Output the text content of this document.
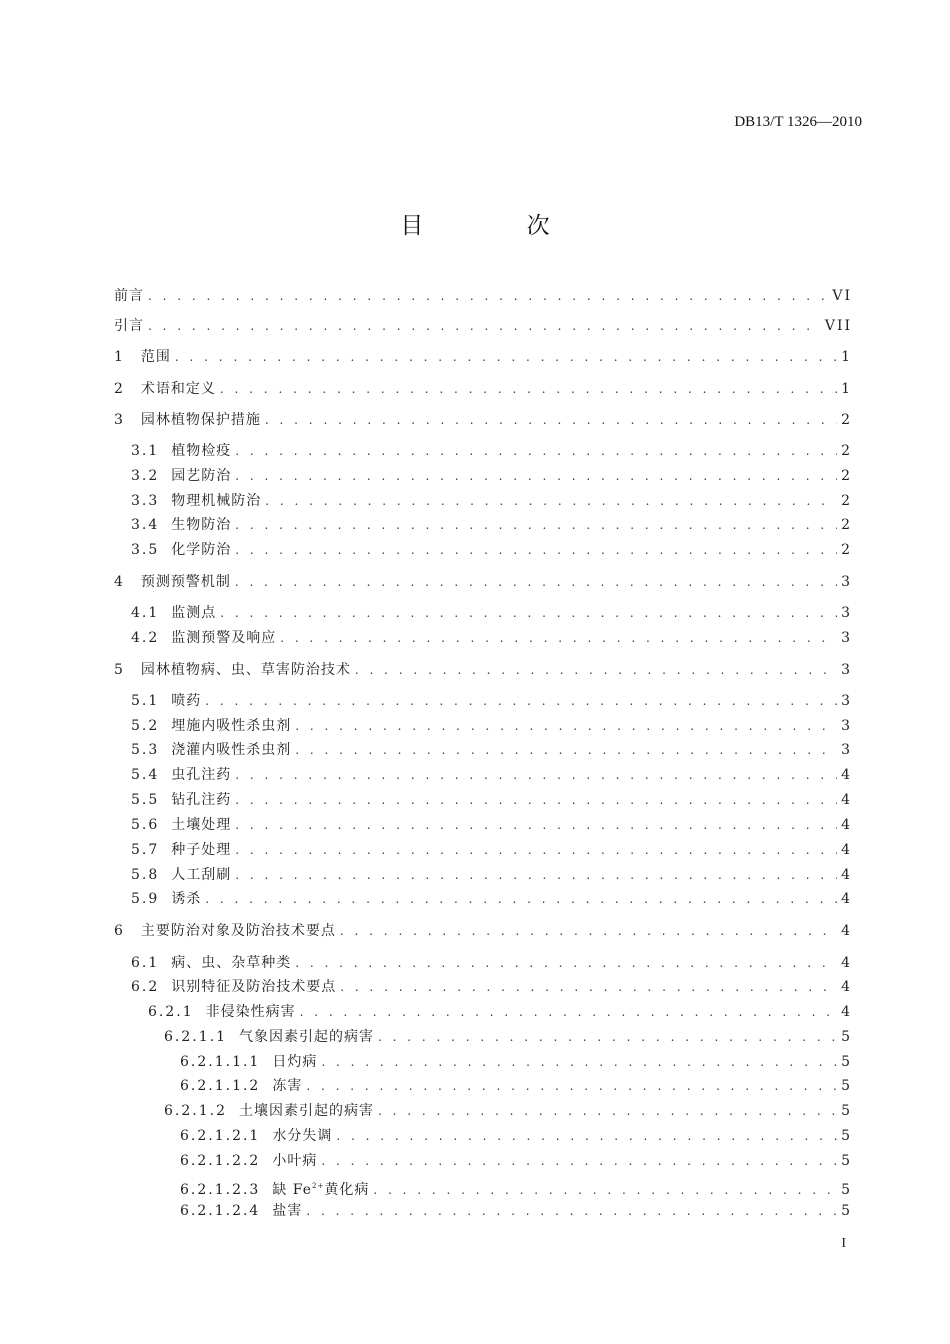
DB13/T 1326—2010
目 次
前言 . . .	VI
引言 . . .	VII
1 范围 . . .	1
2 术语和定义 . . .	1
3 园林植物保护措施 . . .	2
3.1 植物检疫 . . .	2
3.2 园艺防治 . . .	2
3.3 物理机械防治 . . .	2
3.4 生物防治 . . .	2
3.5 化学防治 . . .	2
4 预测预警机制 . . .	3
4.1 监测点 . . .	3
4.2 监测预警及响应 . . .	3
5 园林植物病、虫、草害防治技术 . . .	3
5.1 喷药 . . .	3
5.2 埋施内吸性杀虫剂 . . .	3
5.3 浇灌内吸性杀虫剂 . . .	3
5.4 虫孔注药 . . .	4
5.5 钻孔注药 . . .	4
5.6 土壤处理 . . .	4
5.7 种子处理 . . .	4
5.8 人工刮刷 . . .	4
5.9 诱杀 . . .	4
6 主要防治对象及防治技术要点 . . .	4
6.1 病、虫、杂草种类 . . .	4
6.2 识别特征及防治技术要点 . . .	4
6.2.1 非侵染性病害 . . .	4
6.2.1.1 气象因素引起的病害 . . .	5
6.2.1.1.1 日灼病 . . .	5
6.2.1.1.2 冻害 . . .	5
6.2.1.2 土壤因素引起的病害 . . .	5
6.2.1.2.1 水分失调 . . .	5
6.2.1.2.2 小叶病 . . .	5
6.2.1.2.3 缺 $Fe^{2+}$黄化病 . . .	5
6.2.1.2.4 盐害 . . .	5
I
